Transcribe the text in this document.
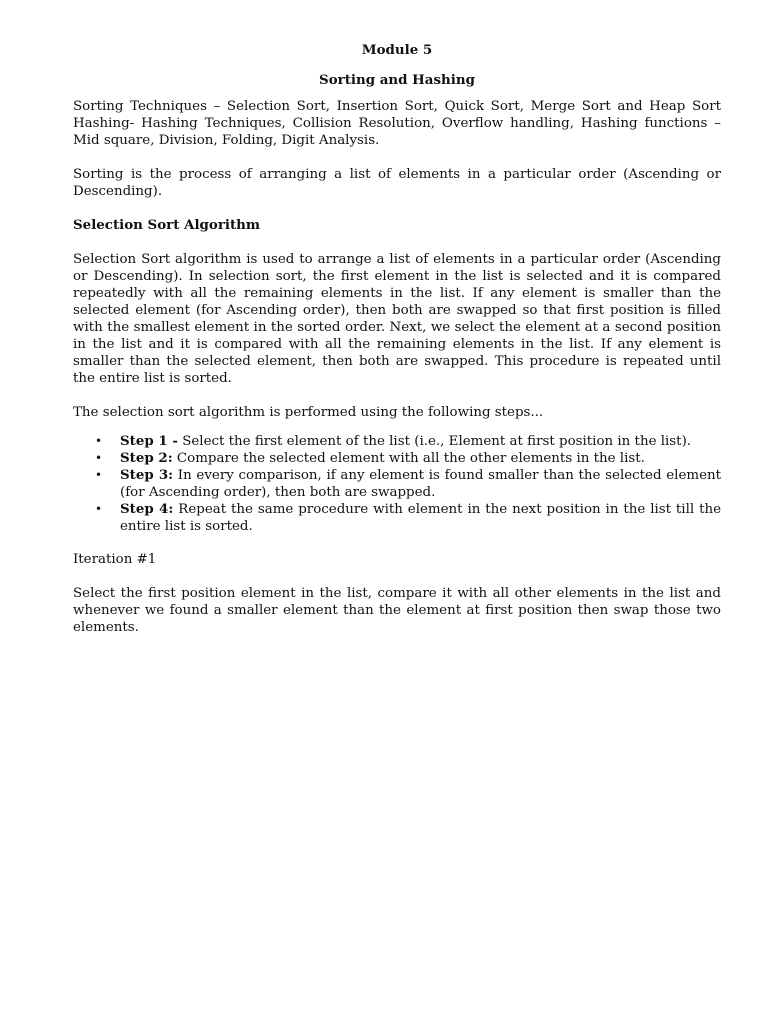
Module 5
Sorting and Hashing

Sorting Techniques – Selection Sort, Insertion Sort, Quick Sort, Merge Sort and Heap Sort Hashing- Hashing Techniques, Collision Resolution, Overflow handling, Hashing functions – Mid square, Division, Folding, Digit Analysis.

Sorting is the process of arranging a list of elements in a particular order (Ascending or Descending).

Selection Sort Algorithm

Selection Sort algorithm is used to arrange a list of elements in a particular order (Ascending or Descending). In selection sort, the first element in the list is selected and it is compared repeatedly with all the remaining elements in the list. If any element is smaller than the selected element (for Ascending order), then both are swapped so that first position is filled with the smallest element in the sorted order. Next, we select the element at a second position in the list and it is compared with all the remaining elements in the list. If any element is smaller than the selected element, then both are swapped. This procedure is repeated until the entire list is sorted.

The selection sort algorithm is performed using the following steps...

• Step 1 - Select the first element of the list (i.e., Element at first position in the list).
• Step 2: Compare the selected element with all the other elements in the list.
• Step 3: In every comparison, if any element is found smaller than the selected element (for Ascending order), then both are swapped.
• Step 4: Repeat the same procedure with element in the next position in the list till the entire list is sorted.
Iteration #1

Select the first position element in the list, compare it with all other elements in the list and whenever we found a smaller element than the element at first position then swap those two elements.
